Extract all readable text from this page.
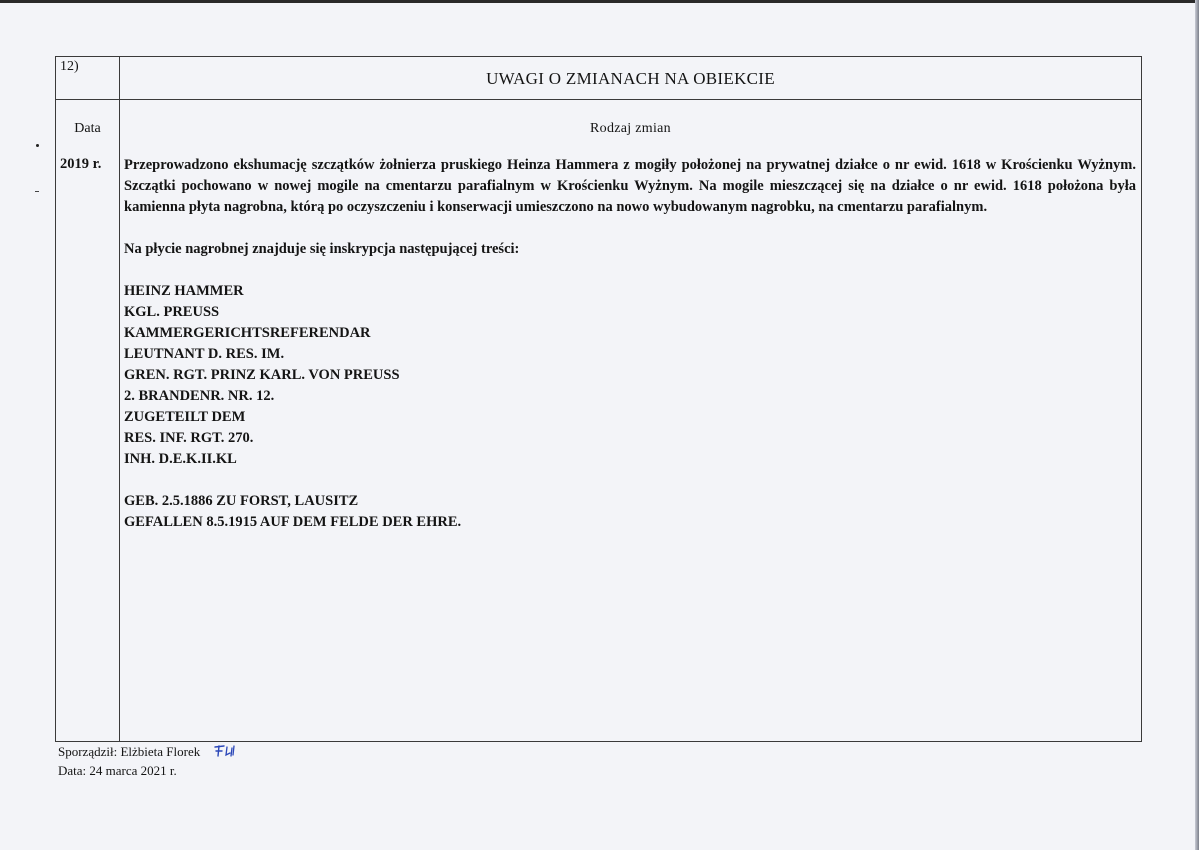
12)
UWAGI O ZMIANACH NA OBIEKCIE
Data	Rodzaj zmian
2019 r. Przeprowadzono ekshumację szczątków żołnierza pruskiego Heinza Hammera z mogiły położonej na prywatnej działce o nr ewid. 1618 w Krościenku Wyżnym. Szczątki pochowano w nowej mogile na cmentarzu parafialnym w Krościenku Wyżnym. Na mogile mieszczącej się na działce o nr ewid. 1618 położona była kamienna płyta nagrobna, którą po oczyszczeniu i konserwacji umieszczono na nowo wybudowanym nagrobku, na cmentarzu parafialnym.

Na płycie nagrobnej znajduje się inskrypcja następującej treści:

HEINZ HAMMER
KGL. PREUSS
KAMMERGERICHTSREFERENDAR
LEUTNANT D. RES. IM.
GREN. RGT. PRINZ KARL. VON PREUSS
2. BRANDENR. NR. 12.
ZUGETEILT DEM
RES. INF. RGT. 270.
INH. D.E.K.II.KL
GEB. 2.5.1886 ZU FORST, LAUSITZ
GEFALLEN 8.5.1915 AUF DEM FELDE DER EHRE.
Sporządził: Elżbieta Florek
Data: 24 marca 2021 r.
